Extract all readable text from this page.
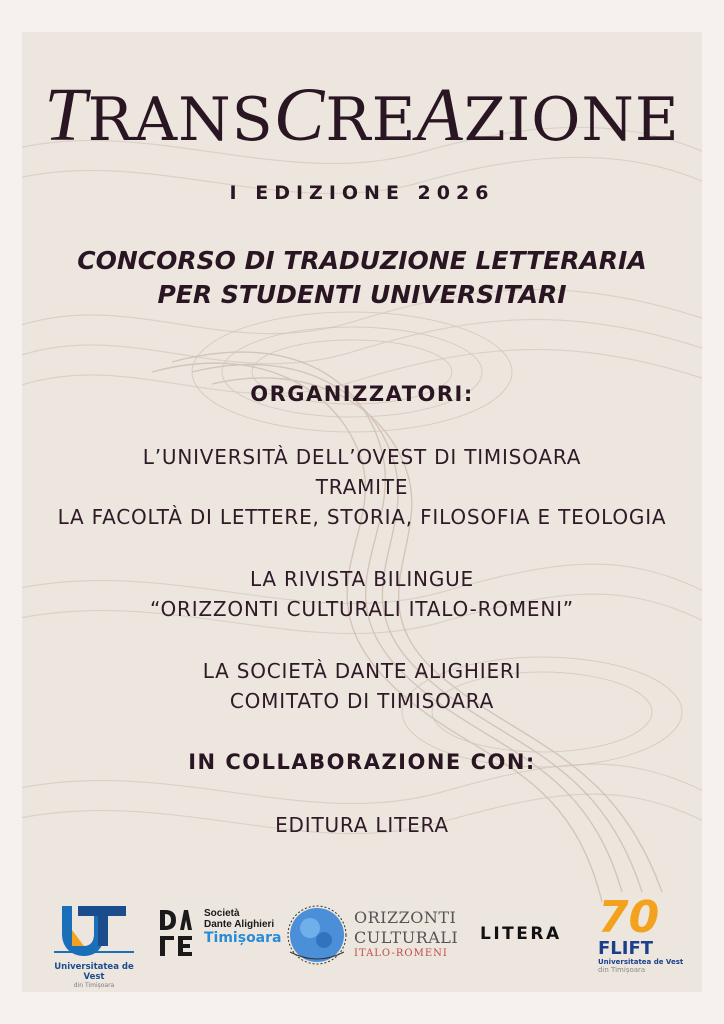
TRANSCREAZIONE
I EDIZIONE 2026
CONCORSO DI TRADUZIONE LETTERARIA
PER STUDENTI UNIVERSITARI
ORGANIZZATORI:
L’UNIVERSITÀ DELL’OVEST DI TIMISOARA
TRAMITE
LA FACOLTÀ DI LETTERE, STORIA, FILOSOFIA E TEOLOGIA
LA RIVISTA BILINGUE
“ORIZZONTI CULTURALI ITALO-ROMENI”
LA SOCIETÀ DANTE ALIGHIERI
COMITATO DI TIMISOARA
IN COLLABORAZIONE CON:
EDITURA LITERA
Universitatea de Vest
din Timișoara
Società
Dante Alighieri
Timișoara
ORIZZONTI
CULTURALI
ITALO-ROMENI
LITERA 70
FLIFT
Universitatea de Vest
din Timișoara
